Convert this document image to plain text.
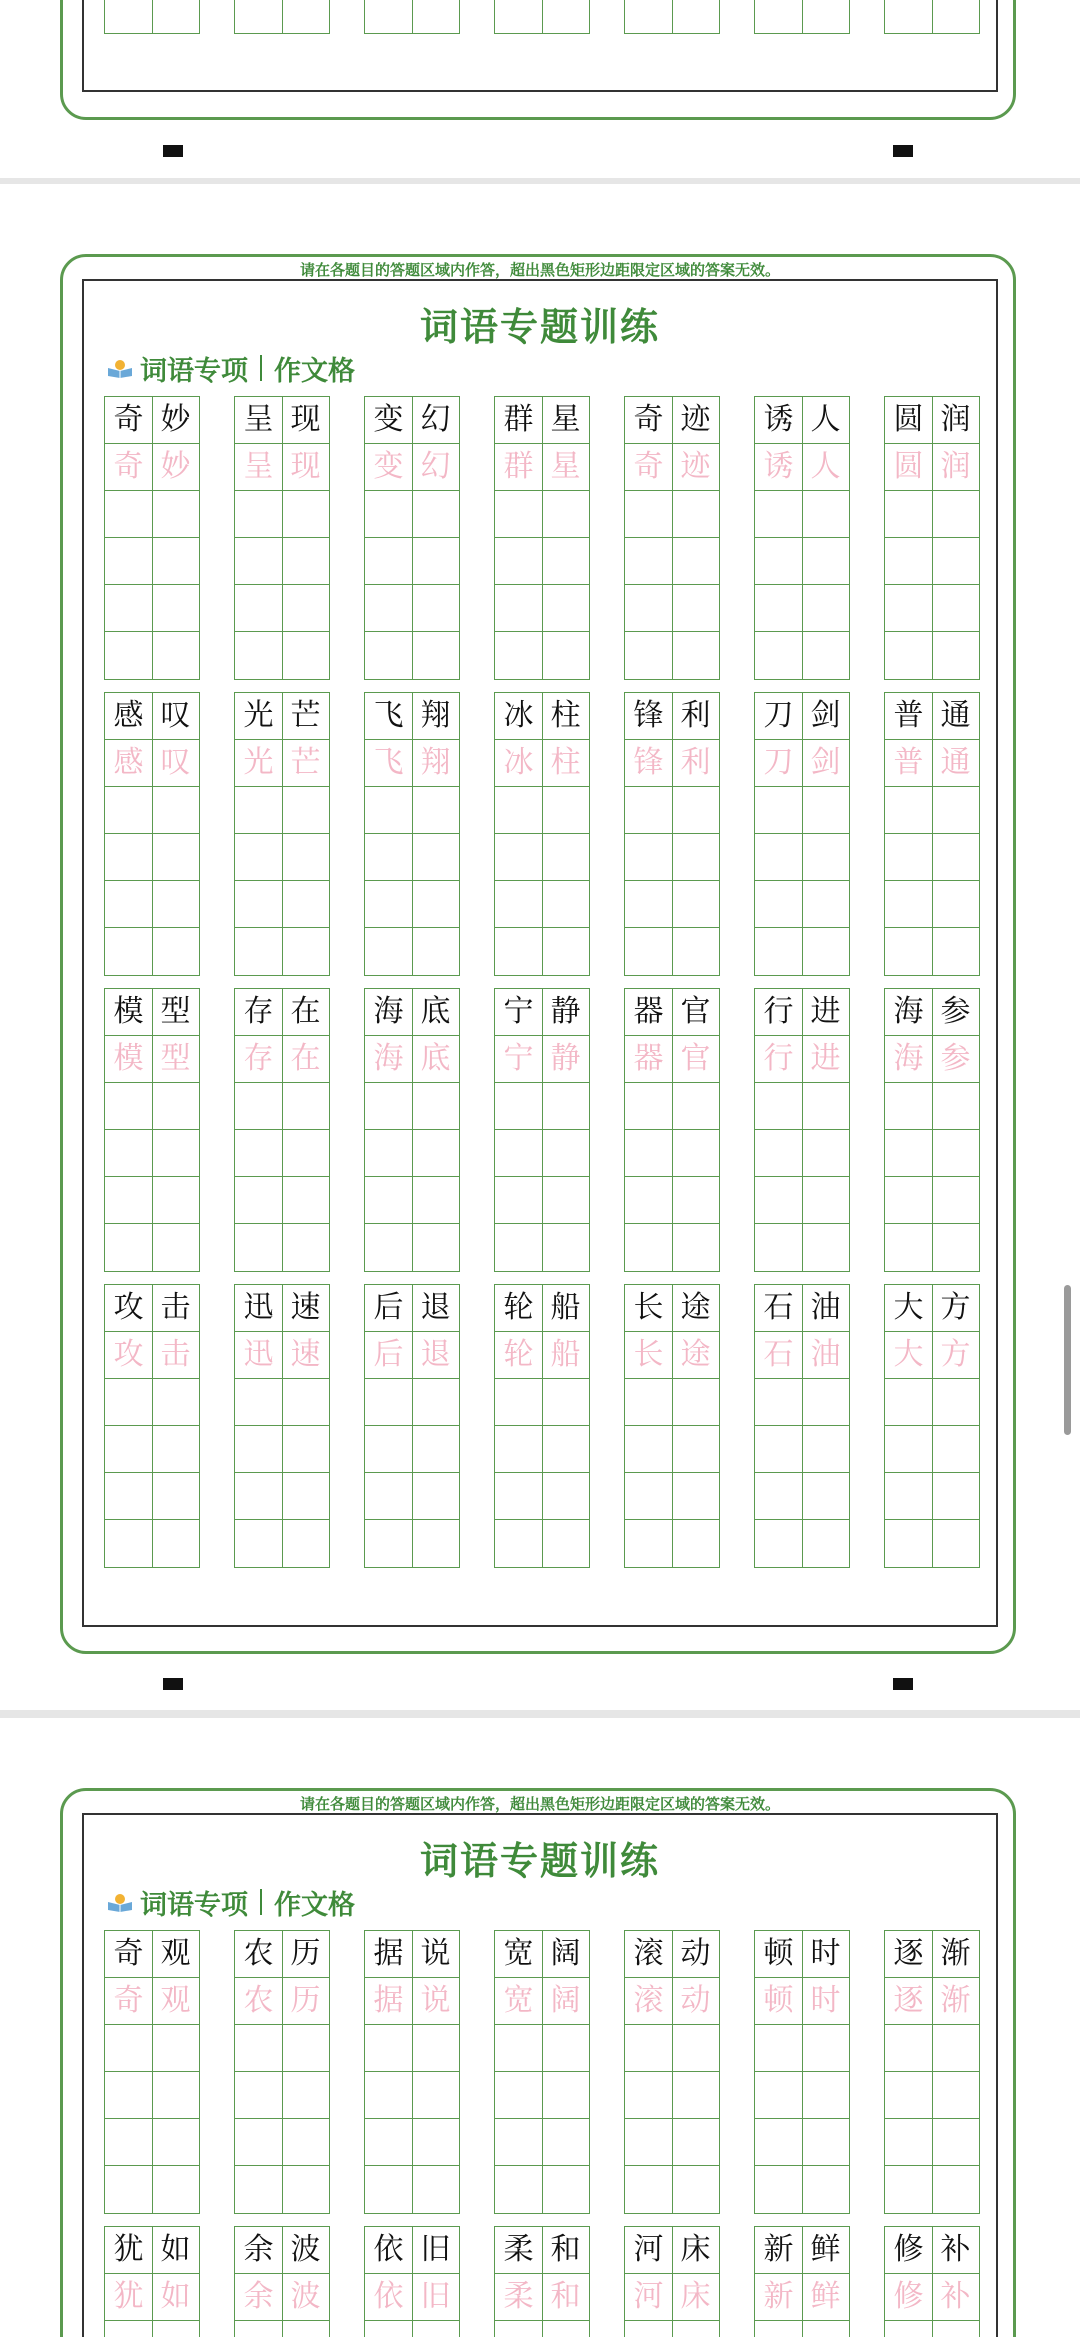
请在各题目的答题区域内作答，超出黑色矩形边距限定区域的答案无效。
词语专题训练
词语专项 作文格
奇 妙
奇 妙
呈 现
呈 现
变 幻
变 幻
群 星
群 星
奇 迹
奇 迹
诱 人
诱 人
圆 润
圆 润
感 叹
感 叹
光 芒
光 芒
飞 翔
飞 翔
冰 柱
冰 柱
锋 利
锋 利
刀 剑
刀 剑
普 通
普 通
模 型
模 型
存 在
存 在
海 底
海 底
宁 静
宁 静
器 官
器 官
行 进
行 进
海 参
海 参
攻 击
攻 击
迅 速
迅 速
后 退
后 退
轮 船
轮 船
长 途
长 途
石 油
石 油
大 方
大 方
请在各题目的答题区域内作答，超出黑色矩形边距限定区域的答案无效。
词语专题训练
词语专项 作文格
奇 观
奇 观
农 历
农 历
据 说
据 说
宽 阔
宽 阔
滚 动
滚 动
顿 时
顿 时
逐 渐
逐 渐
犹 如
犹 如
余 波
余 波
依 旧
依 旧
柔 和
柔 和
河 床
河 床
新 鲜
新 鲜
修 补
修 补
